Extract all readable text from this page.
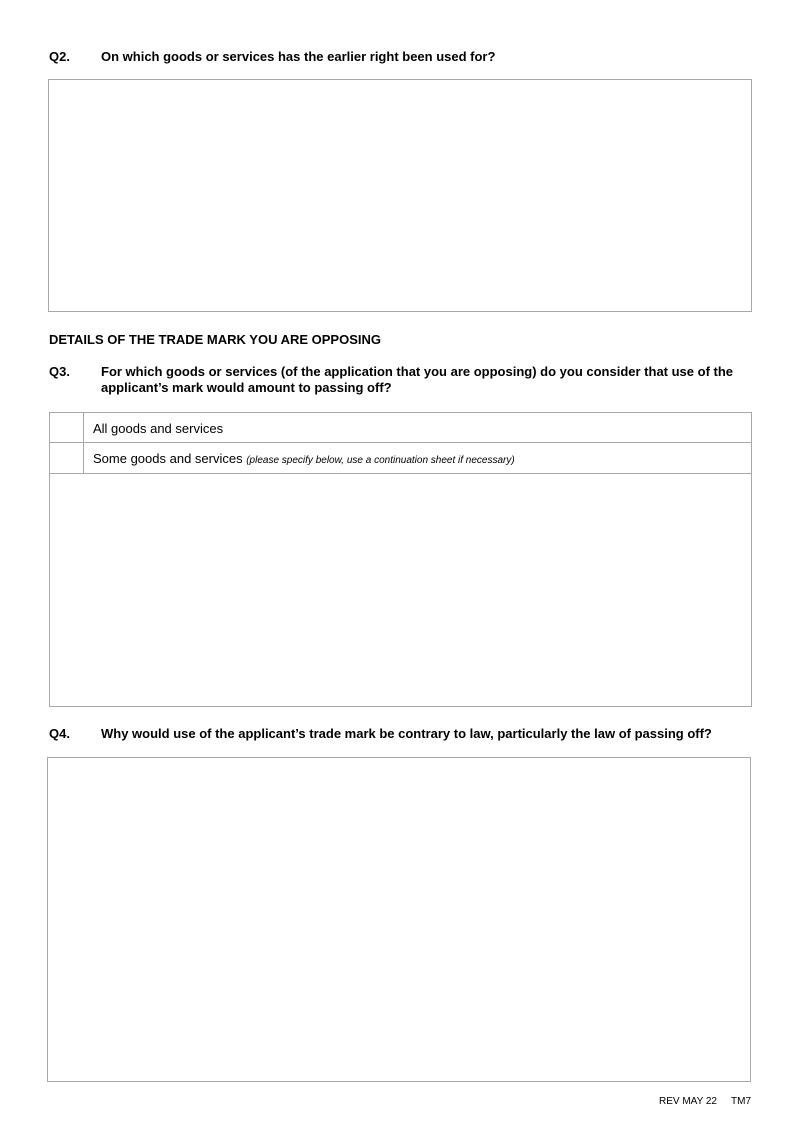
Q2. On which goods or services has the earlier right been used for?
DETAILS OF THE TRADE MARK YOU ARE OPPOSING
Q3. For which goods or services (of the application that you are opposing) do you consider that use of the applicant’s mark would amount to passing off?
All goods and services
Some goods and services (please specify below, use a continuation sheet if necessary)
Q4. Why would use of the applicant’s trade mark be contrary to law, particularly the law of passing off?
REV MAY 22 TM7
